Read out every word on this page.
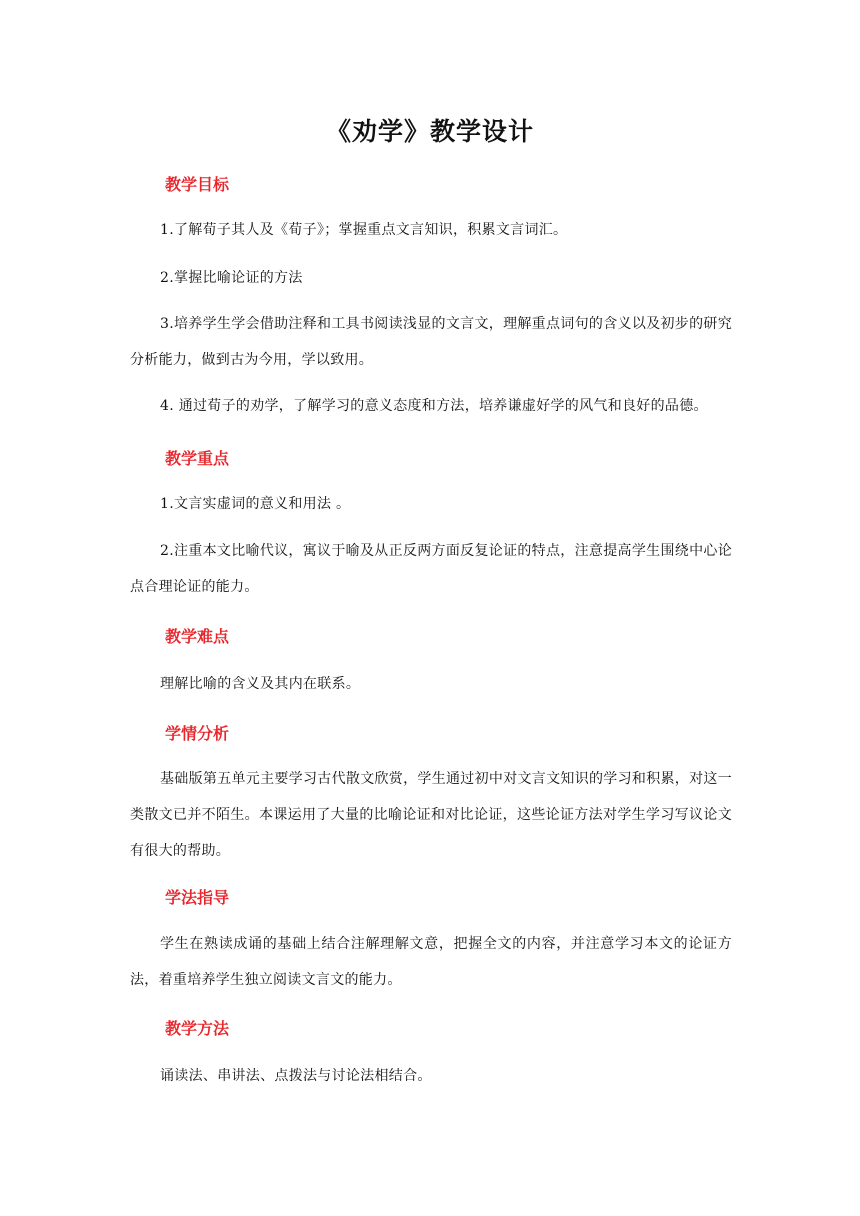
《劝学》教学设计
教学目标

1.了解荀子其人及《荀子》；掌握重点文言知识，积累文言词汇。

2.掌握比喻论证的方法

3.培养学生学会借助注释和工具书阅读浅显的文言文，理解重点词句的含义以及初步的研究分析能力，做到古为今用，学以致用。

4. 通过荀子的劝学，了解学习的意义态度和方法，培养谦虚好学的风气和良好的品德。

教学重点

1.文言实虚词的意义和用法 。

2.注重本文比喻代议，寓议于喻及从正反两方面反复论证的特点，注意提高学生围绕中心论点合理论证的能力。

教学难点

理解比喻的含义及其内在联系。

学情分析

基础版第五单元主要学习古代散文欣赏，学生通过初中对文言文知识的学习和积累，对这一类散文已并不陌生。本课运用了大量的比喻论证和对比论证，这些论证方法对学生学习写议论文有很大的帮助。

学法指导

学生在熟读成诵的基础上结合注解理解文意，把握全文的内容，并注意学习本文的论证方法，着重培养学生独立阅读文言文的能力。

教学方法

诵读法、串讲法、点拨法与讨论法相结合。
